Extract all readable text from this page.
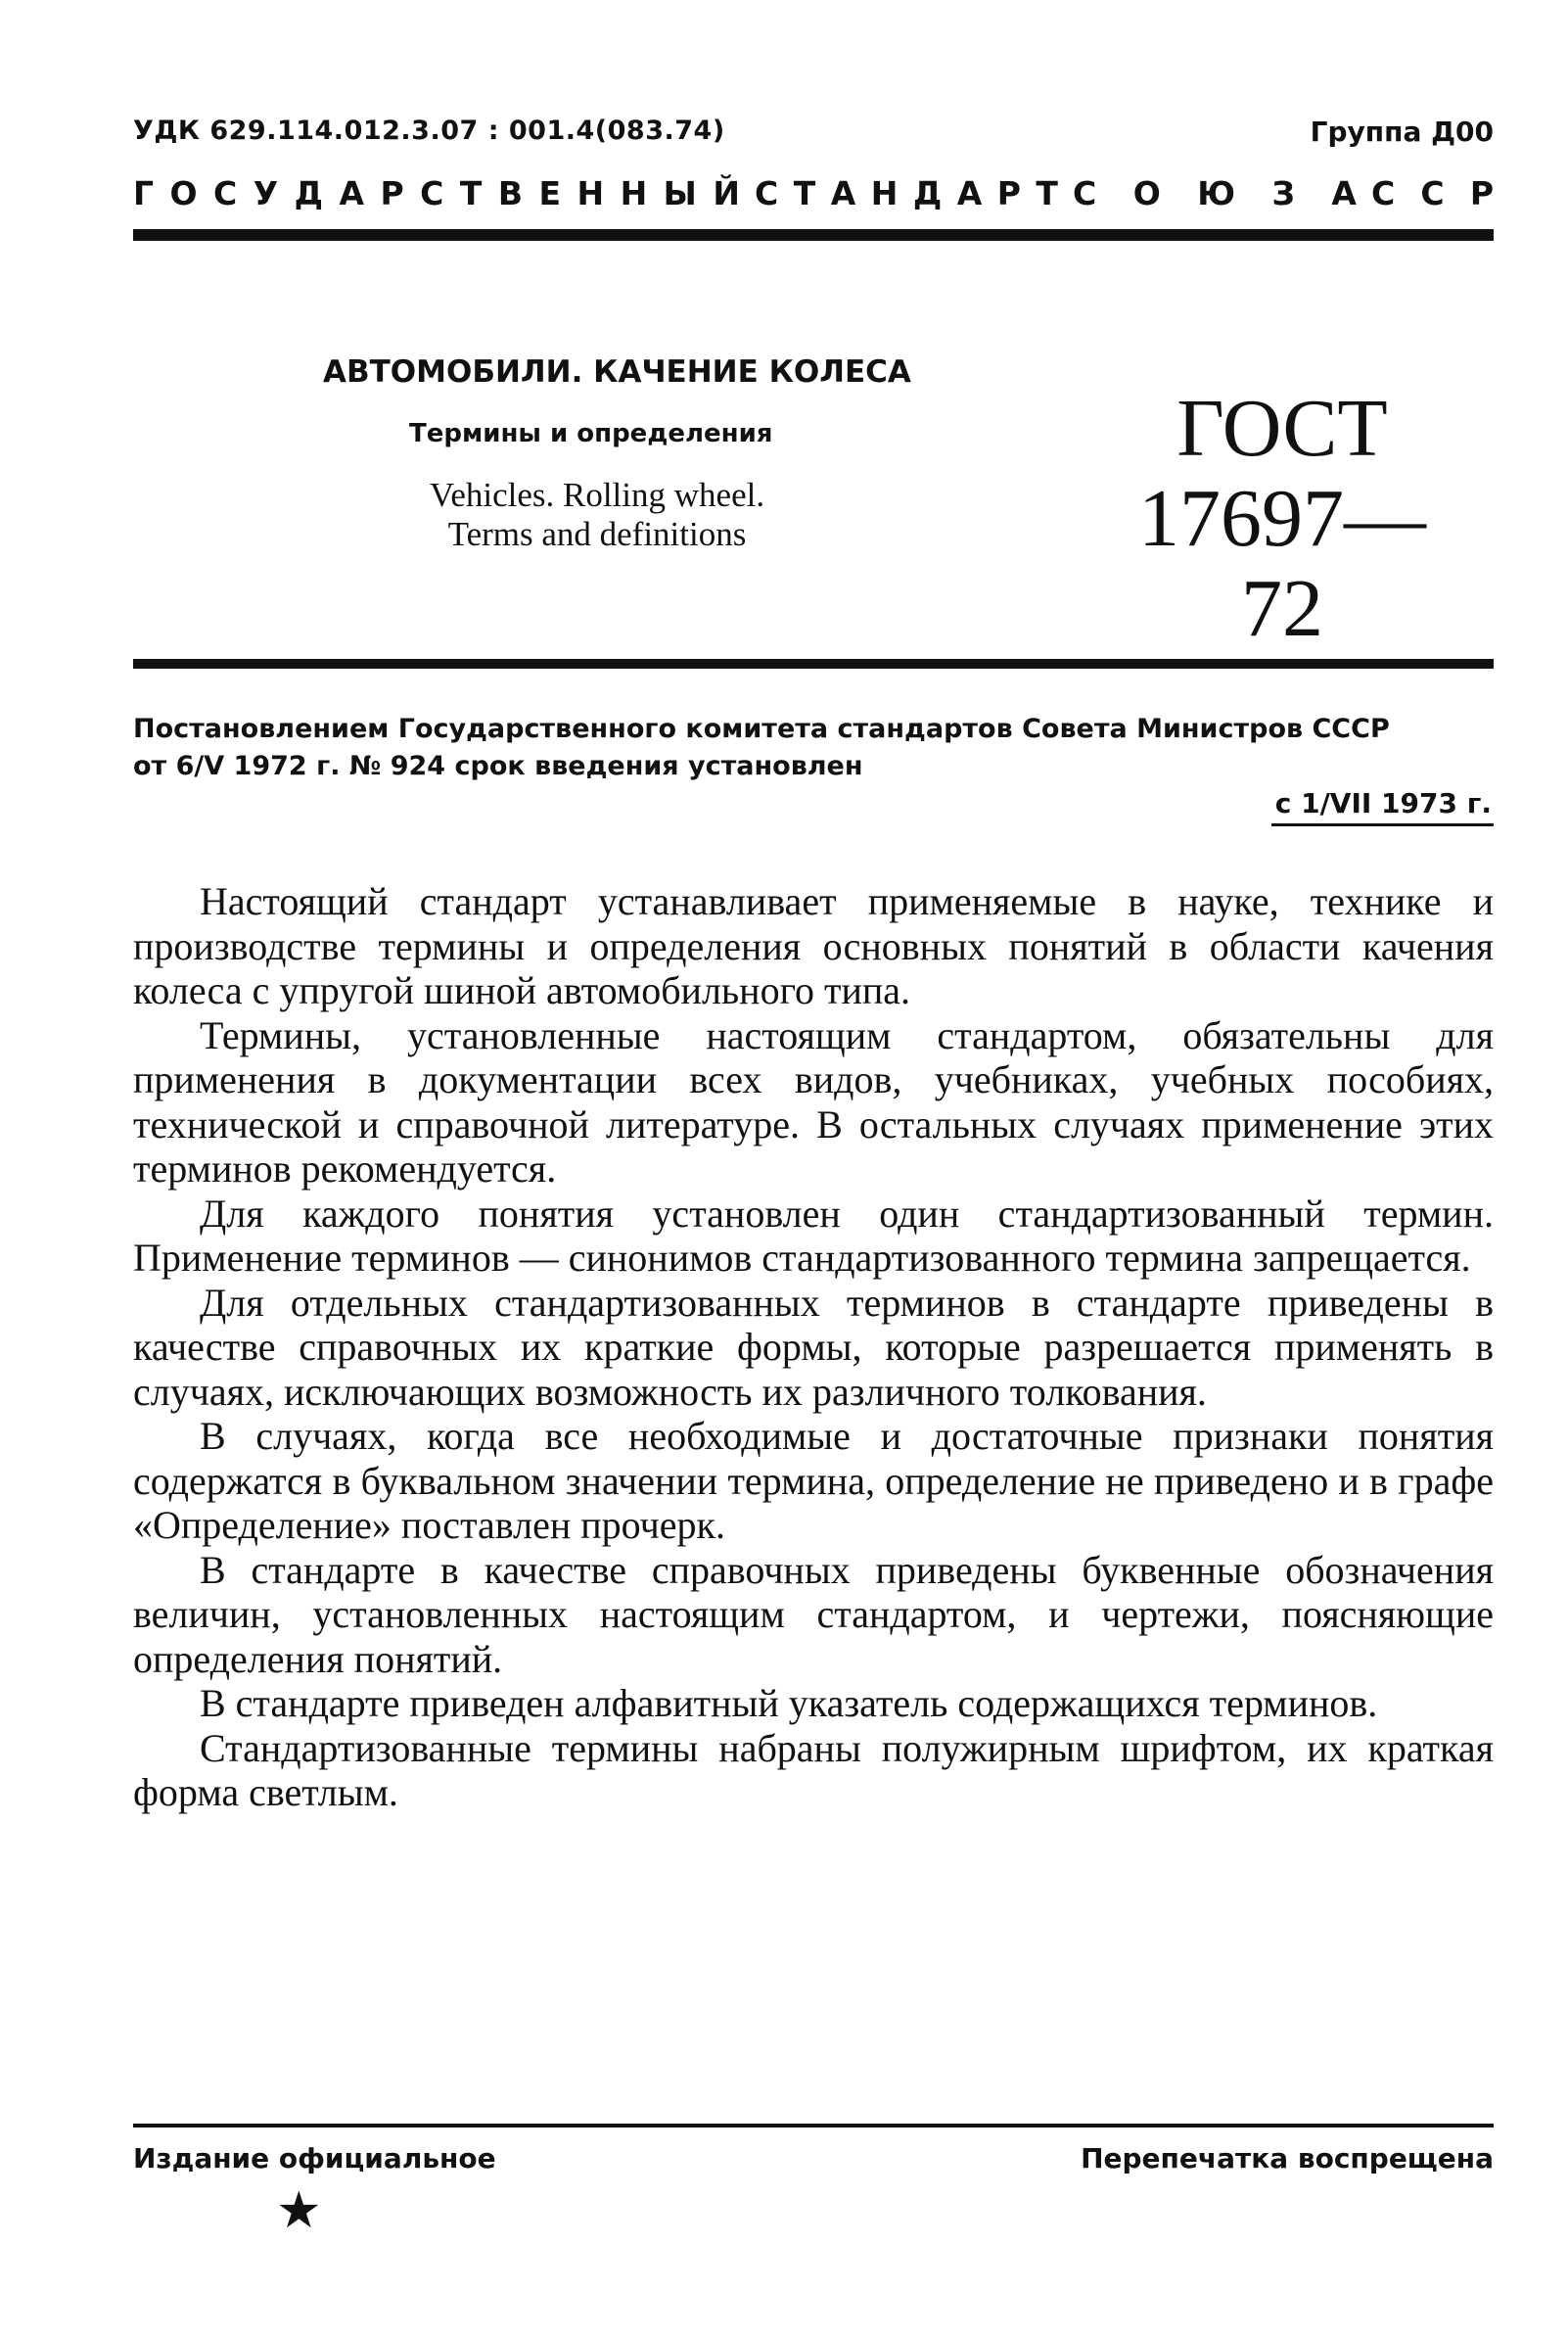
УДК 629.114.012.3.07 : 001.4(083.74)	Группа Д00
Г О С У Д А Р С Т В Е Н Н Ы Й С Т А Н Д А Р Т С О Ю З А С С Р
АВТОМОБИЛИ. КАЧЕНИЕ КОЛЕСА
Термины и определения
Vehicles. Rolling wheel.
Terms and definitions
ГОСТ
17697—72
Постановлением Государственного комитета стандартов Совета Министров СССР
от 6/V 1972 г. № 924 срок введения установлен
с 1/VII 1973 г.

Настоящий стандарт устанавливает применяемые в науке, технике и производстве термины и определения основных понятий в области качения колеса с упругой шиной автомобильного типа.

Термины, установленные настоящим стандартом, обязательны для применения в документации всех видов, учебниках, учебных пособиях, технической и справочной литературе. В остальных случаях применение этих терминов рекомендуется.

Для каждого понятия установлен один стандартизованный термин. Применение терминов — синонимов стандартизованного термина запрещается.

Для отдельных стандартизованных терминов в стандарте приведены в качестве справочных их краткие формы, которые разрешается применять в случаях, исключающих возможность их различного толкования.

В случаях, когда все необходимые и достаточные признаки понятия содержатся в буквальном значении термина, определение не приведено и в графе «Определение» поставлен прочерк.

В стандарте в качестве справочных приведены буквенные обозначения величин, установленных настоящим стандартом, и чертежи, поясняющие определения понятий.

В стандарте приведен алфавитный указатель содержащихся терминов.

Стандартизованные термины набраны полужирным шрифтом, их краткая форма светлым.

Издание официальное	Перепечатка воспрещена
★
